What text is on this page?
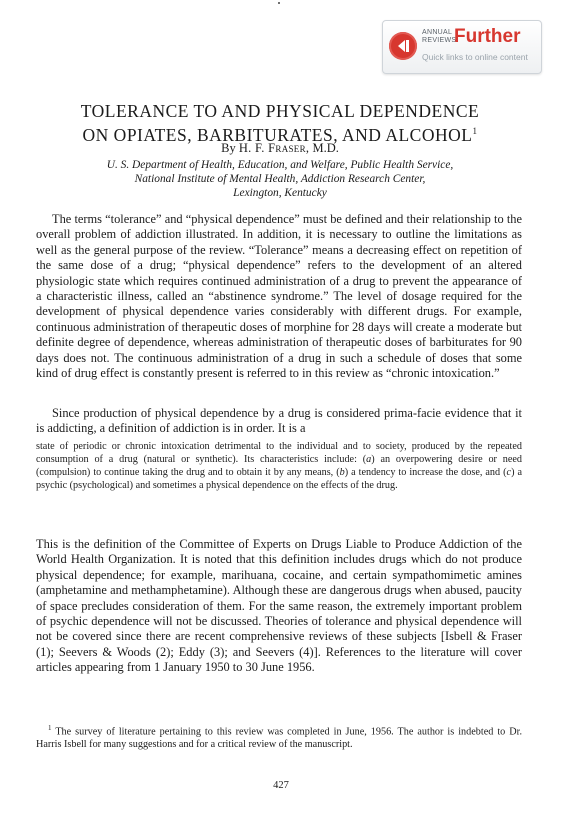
ANNUAL
REVIEWS
Further
Quick links to online content
TOLERANCE TO AND PHYSICAL DEPENDENCE
ON OPIATES, BARBITURATES, AND ALCOHOL$^1$
By H. F. Fraser, M.D.
U. S. Department of Health, Education, and Welfare, Public Health Service,
National Institute of Mental Health, Addiction Research Center,
Lexington, Kentucky

The terms “tolerance” and “physical dependence” must be defined and their relationship to the overall problem of addiction illustrated. In addition, it is necessary to outline the limitations as well as the general purpose of the review. “Tolerance” means a decreasing effect on repetition of the same dose of a drug; “physical dependence” refers to the development of an altered physiologic state which requires continued administration of a drug to prevent the appearance of a characteristic illness, called an “abstinence syndrome.” The level of dosage required for the development of physical dependence varies considerably with different drugs. For example, continuous administration of therapeutic doses of morphine for 28 days will create a moderate but definite degree of dependence, whereas administration of therapeutic doses of barbiturates for 90 days does not. The continuous administration of a drug in such a schedule of doses that some kind of drug effect is constantly present is referred to in this review as “chronic intoxication.”

Since production of physical dependence by a drug is considered prima-facie evidence that it is addicting, a definition of addiction is in order. It is a

state of periodic or chronic intoxication detrimental to the individual and to society, produced by the repeated consumption of a drug (natural or synthetic). Its characteristics include: (a) an overpowering desire or need (compulsion) to continue taking the drug and to obtain it by any means, (b) a tendency to increase the dose, and (c) a psychic (psychological) and sometimes a physical dependence on the effects of the drug.

This is the definition of the Committee of Experts on Drugs Liable to Produce Addiction of the World Health Organization. It is noted that this definition includes drugs which do not produce physical dependence; for example, marihuana, cocaine, and certain sympathomimetic amines (amphetamine and methamphetamine). Although these are dangerous drugs when abused, paucity of space precludes consideration of them. For the same reason, the extremely important problem of psychic dependence will not be discussed. Theories of tolerance and physical dependence will not be covered since there are recent comprehensive reviews of these subjects [Isbell & Fraser (1); Seevers & Woods (2); Eddy (3); and Seevers (4)]. References to the literature will cover articles appearing from 1 January 1950 to 30 June 1956.

$^1$ The survey of literature pertaining to this review was completed in June, 1956. The author is indebted to Dr. Harris Isbell for many suggestions and for a critical review of the manuscript.

427
